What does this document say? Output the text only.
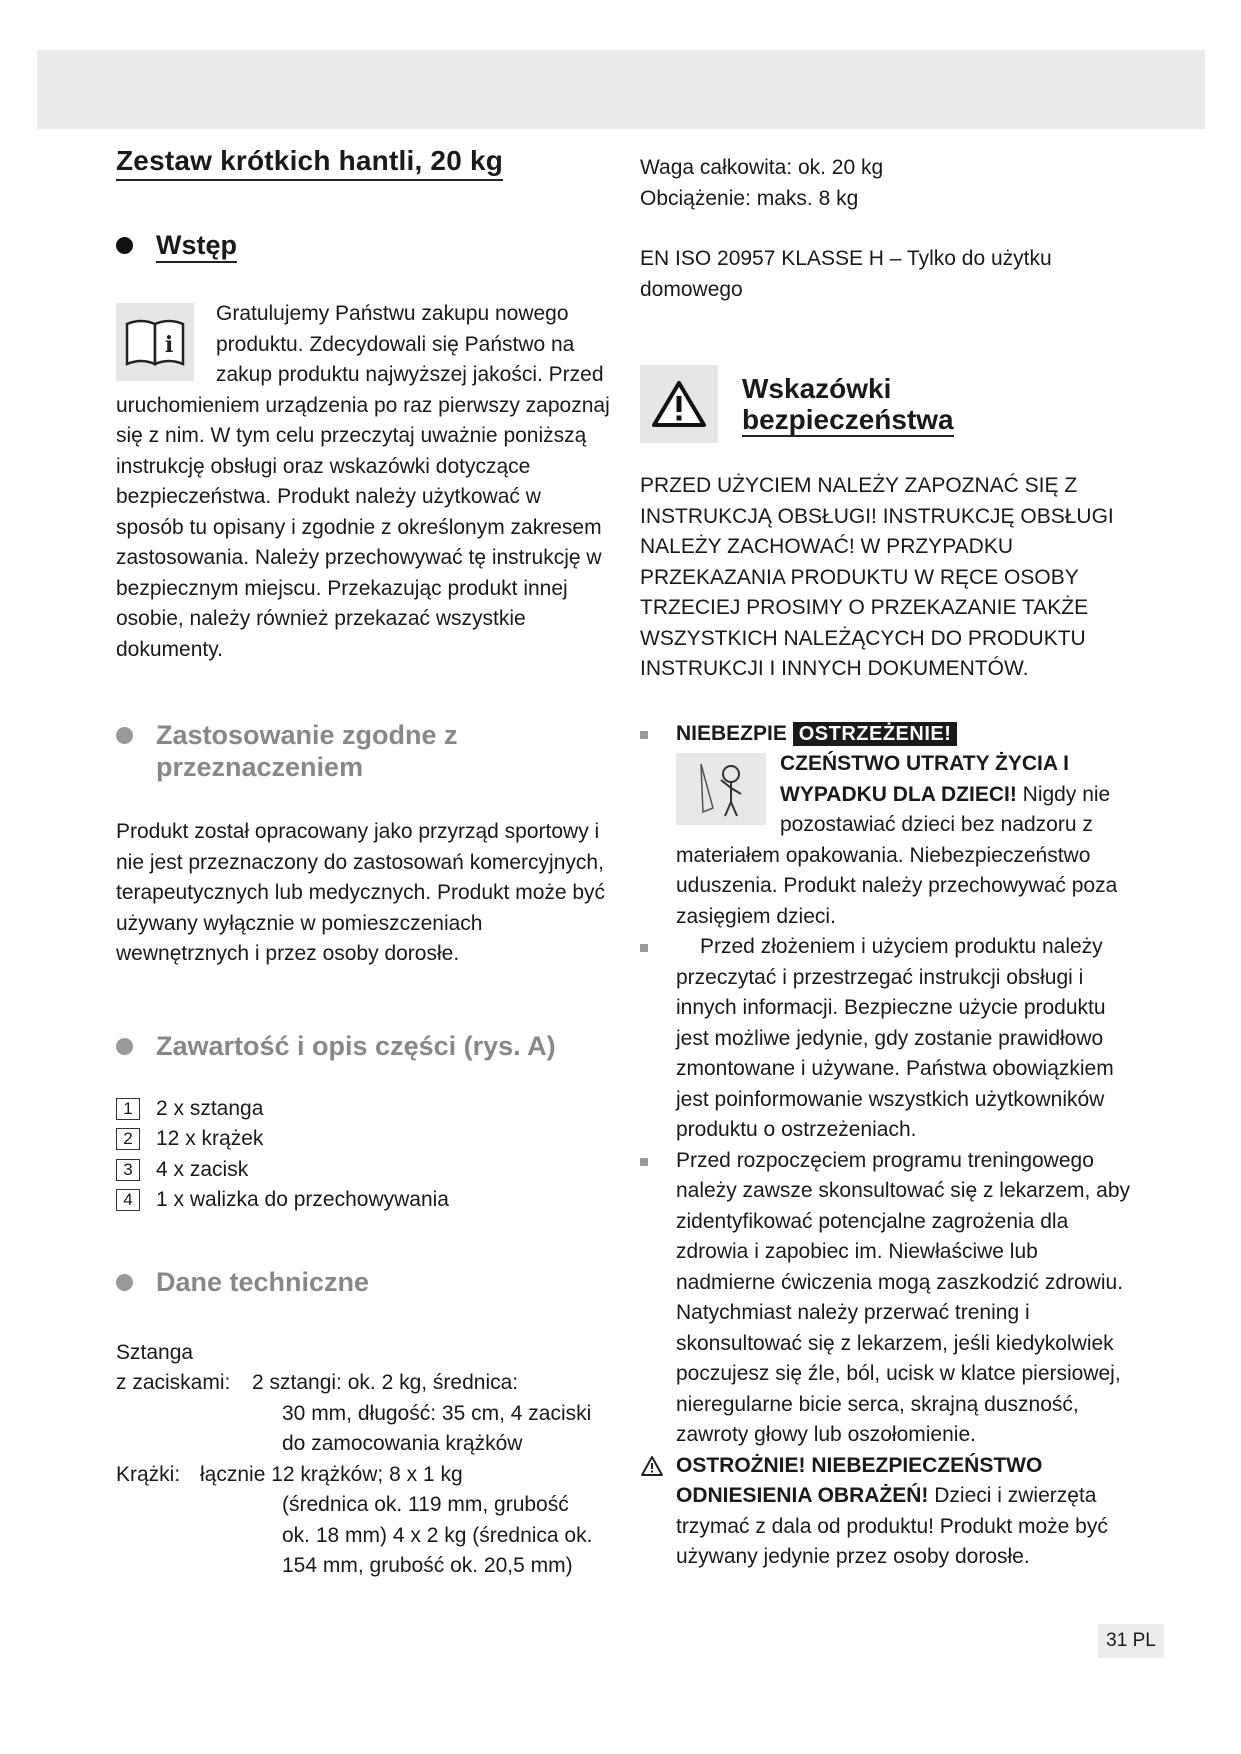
Zestaw krótkich hantli, 20 kg
Wstęp
i

Gratulujemy Państwu zakupu nowego produktu. Zdecydowali się Państwo na zakup produktu najwyższej jakości. Przed uruchomieniem urządzenia po raz pierwszy zapoznaj się z nim. W tym celu przeczytaj uważnie poniższą instrukcję obsługi oraz wskazówki dotyczące bezpieczeństwa. Produkt należy użytkować w sposób tu opisany i zgodnie z określonym zakresem zastosowania. Należy przechowywać tę instrukcję w bezpiecznym miejscu. Przekazując produkt innej osobie, należy również przekazać wszystkie dokumenty.

Zastosowanie zgodne z
przeznaczeniem

Produkt został opracowany jako przyrząd sportowy i nie jest przeznaczony do zastosowań komercyjnych, terapeutycznych lub medycznych. Produkt może być używany wyłącznie w pomieszczeniach wewnętrznych i przez osoby dorosłe.

Zawartość i opis części (rys. A)
1	2 x sztanga
2	12 x krążek
3	4 x zacisk
4	1 x walizka do przechowywania
Dane techniczne
Sztanga
z zaciskami:	2 sztangi: ok. 2 kg, średnica:
30 mm, długość: 35 cm, 4 zaciski
do zamocowania krążków
Krążki: łącznie 12 krążków; 8 x 1 kg
(średnica ok. 119 mm, grubość
ok. 18 mm) 4 x 2 kg (średnica ok.
154 mm, grubość ok. 20,5 mm)

Waga całkowita: ok. 20 kg

Obciążenie: maks. 8 kg

EN ISO 20957 KLASSE H – Tylko do użytku domowego

Wskazówki
bezpieczeństwa

PRZED UŻYCIEM NALEŻY ZAPOZNAĆ SIĘ Z INSTRUKCJĄ OBSŁUGI! INSTRUKCJĘ OBSŁUGI NALEŻY ZACHOWAĆ! W PRZYPADKU PRZEKAZANIA PRODUKTU W RĘCE OSOBY TRZECIEJ PROSIMY O PRZEKAZANIE TAKŻE WSZYSTKICH NALEŻĄCYCH DO PRODUKTU INSTRUKCJI I INNYCH DOKUMENTÓW.

NIEBEZPIE OSTRZEŻENIE!

CZEŃSTWO UTRATY ŻYCIA I WYPADKU DLA DZIECI! Nigdy nie pozostawiać dzieci bez nadzoru z materiałem opakowania. Niebezpieczeństwo uduszenia. Produkt należy przechowywać poza zasięgiem dzieci.
Przed złożeniem i użyciem produktu należy przeczytać i przestrzegać instrukcji obsługi i innych informacji. Bezpieczne użycie produktu jest możliwe jedynie, gdy zostanie prawidłowo zmontowane i używane. Państwa obowiązkiem jest poinformowanie wszystkich użytkowników produktu o ostrzeżeniach.
Przed rozpoczęciem programu treningowego należy zawsze skonsultować się z lekarzem, aby zidentyfikować potencjalne zagrożenia dla zdrowia i zapobiec im. Niewłaściwe lub nadmierne ćwiczenia mogą zaszkodzić zdrowiu. Natychmiast należy przerwać trening i skonsultować się z lekarzem, jeśli kiedykolwiek poczujesz się źle, ból, ucisk w klatce piersiowej, nieregularne bicie serca, skrajną duszność, zawroty głowy lub oszołomienie.
OSTROŻNIE! NIEBEZPIECZEŃSTWO ODNIESIENIA OBRAŻEŃ! Dzieci i zwierzęta trzymać z dala od produktu! Produkt może być używany jedynie przez osoby dorosłe.
31 PL
